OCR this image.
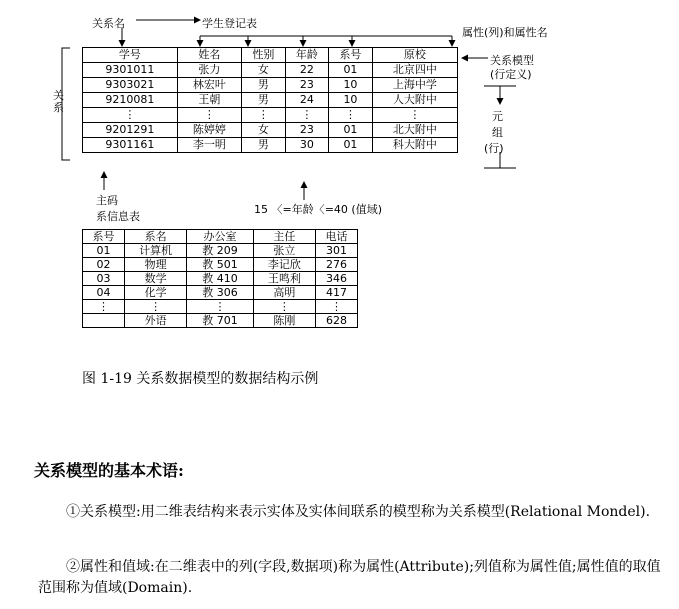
关系名	学生登记表
属性(列)和属性名
关系模型
(行定义)
关系
元
组
(行)
主码
系信息表
15 〈=年龄〈=40 (值域)
学号	姓名	性别	年龄	系号	原校
9301011	张力	女	22	01	北京四中
9303021	林宏叶	男	23	10	上海中学
9210081	王朝	男	24	10	人大附中
⋮	⋮	⋮	⋮	⋮	⋮
9201291	陈婷婷	女	23	01	北大附中
9301161	李一明	男	30	01	科大附中
系号	系名	办公室	主任	电话
01	计算机	教 209	张立	301
02	物理	教 501	李记欣	276
03	数学	教 410	王鸣利	346
04	化学	教 306	高明	417
⋮	⋮	⋮	⋮	⋮
	外语	教 701	陈刚	628
图 1-19 关系数据模型的数据结构示例
关系模型的基本术语:
①关系模型:用二维表结构来表示实体及实体间联系的模型称为关系模型(Relational Mondel).
②属性和值域:在二维表中的列(字段,数据项)称为属性(Attribute);列值称为属性值;属性值的取值范围称为值域(Domain).
